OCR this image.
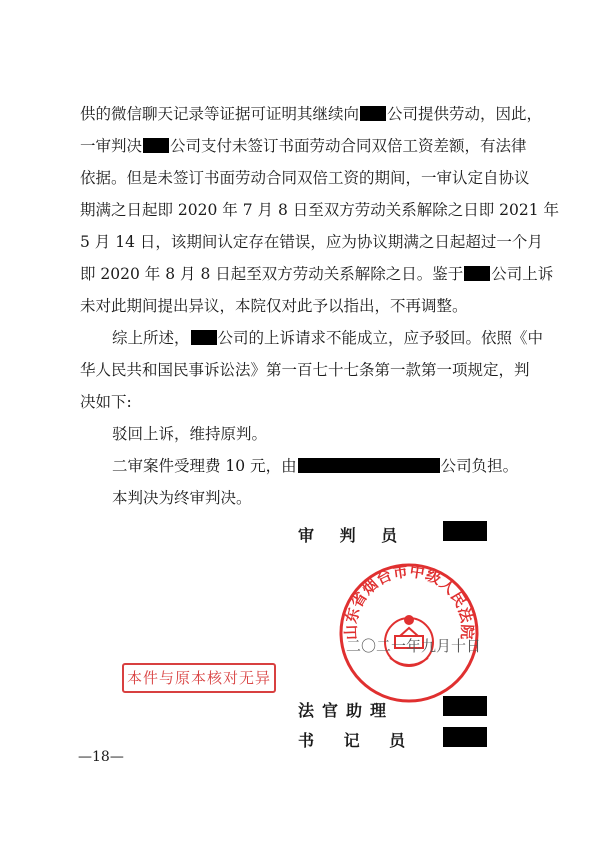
供的微信聊天记录等证据可证明其继续向 公司提供劳动，因此，
一审判决 公司支付未签订书面劳动合同双倍工资差额，有法律
依据。但是未签订书面劳动合同双倍工资的期间，一审认定自协议
期满之日起即 2020 年 7 月 8 日至双方劳动关系解除之日即 2021 年
5 月 14 日，该期间认定存在错误，应为协议期满之日起超过一个月
即 2020 年 8 月 8 日起至双方劳动关系解除之日。鉴于 公司上诉
未对此期间提出异议，本院仅对此予以指出，不再调整。
综上所述， 公司的上诉请求不能成立，应予驳回。依照《中
华人民共和国民事诉讼法》第一百七十七条第一款第一项规定，判
决如下:
驳回上诉，维持原判。
二审案件受理费 10 元，由	公司负担。
本判决为终审判决。
审 判 员
山东省烟台市中级人民法院
二〇二一年九月十日
本件与原本核对无异
法官助理
书 记 员
—18—
